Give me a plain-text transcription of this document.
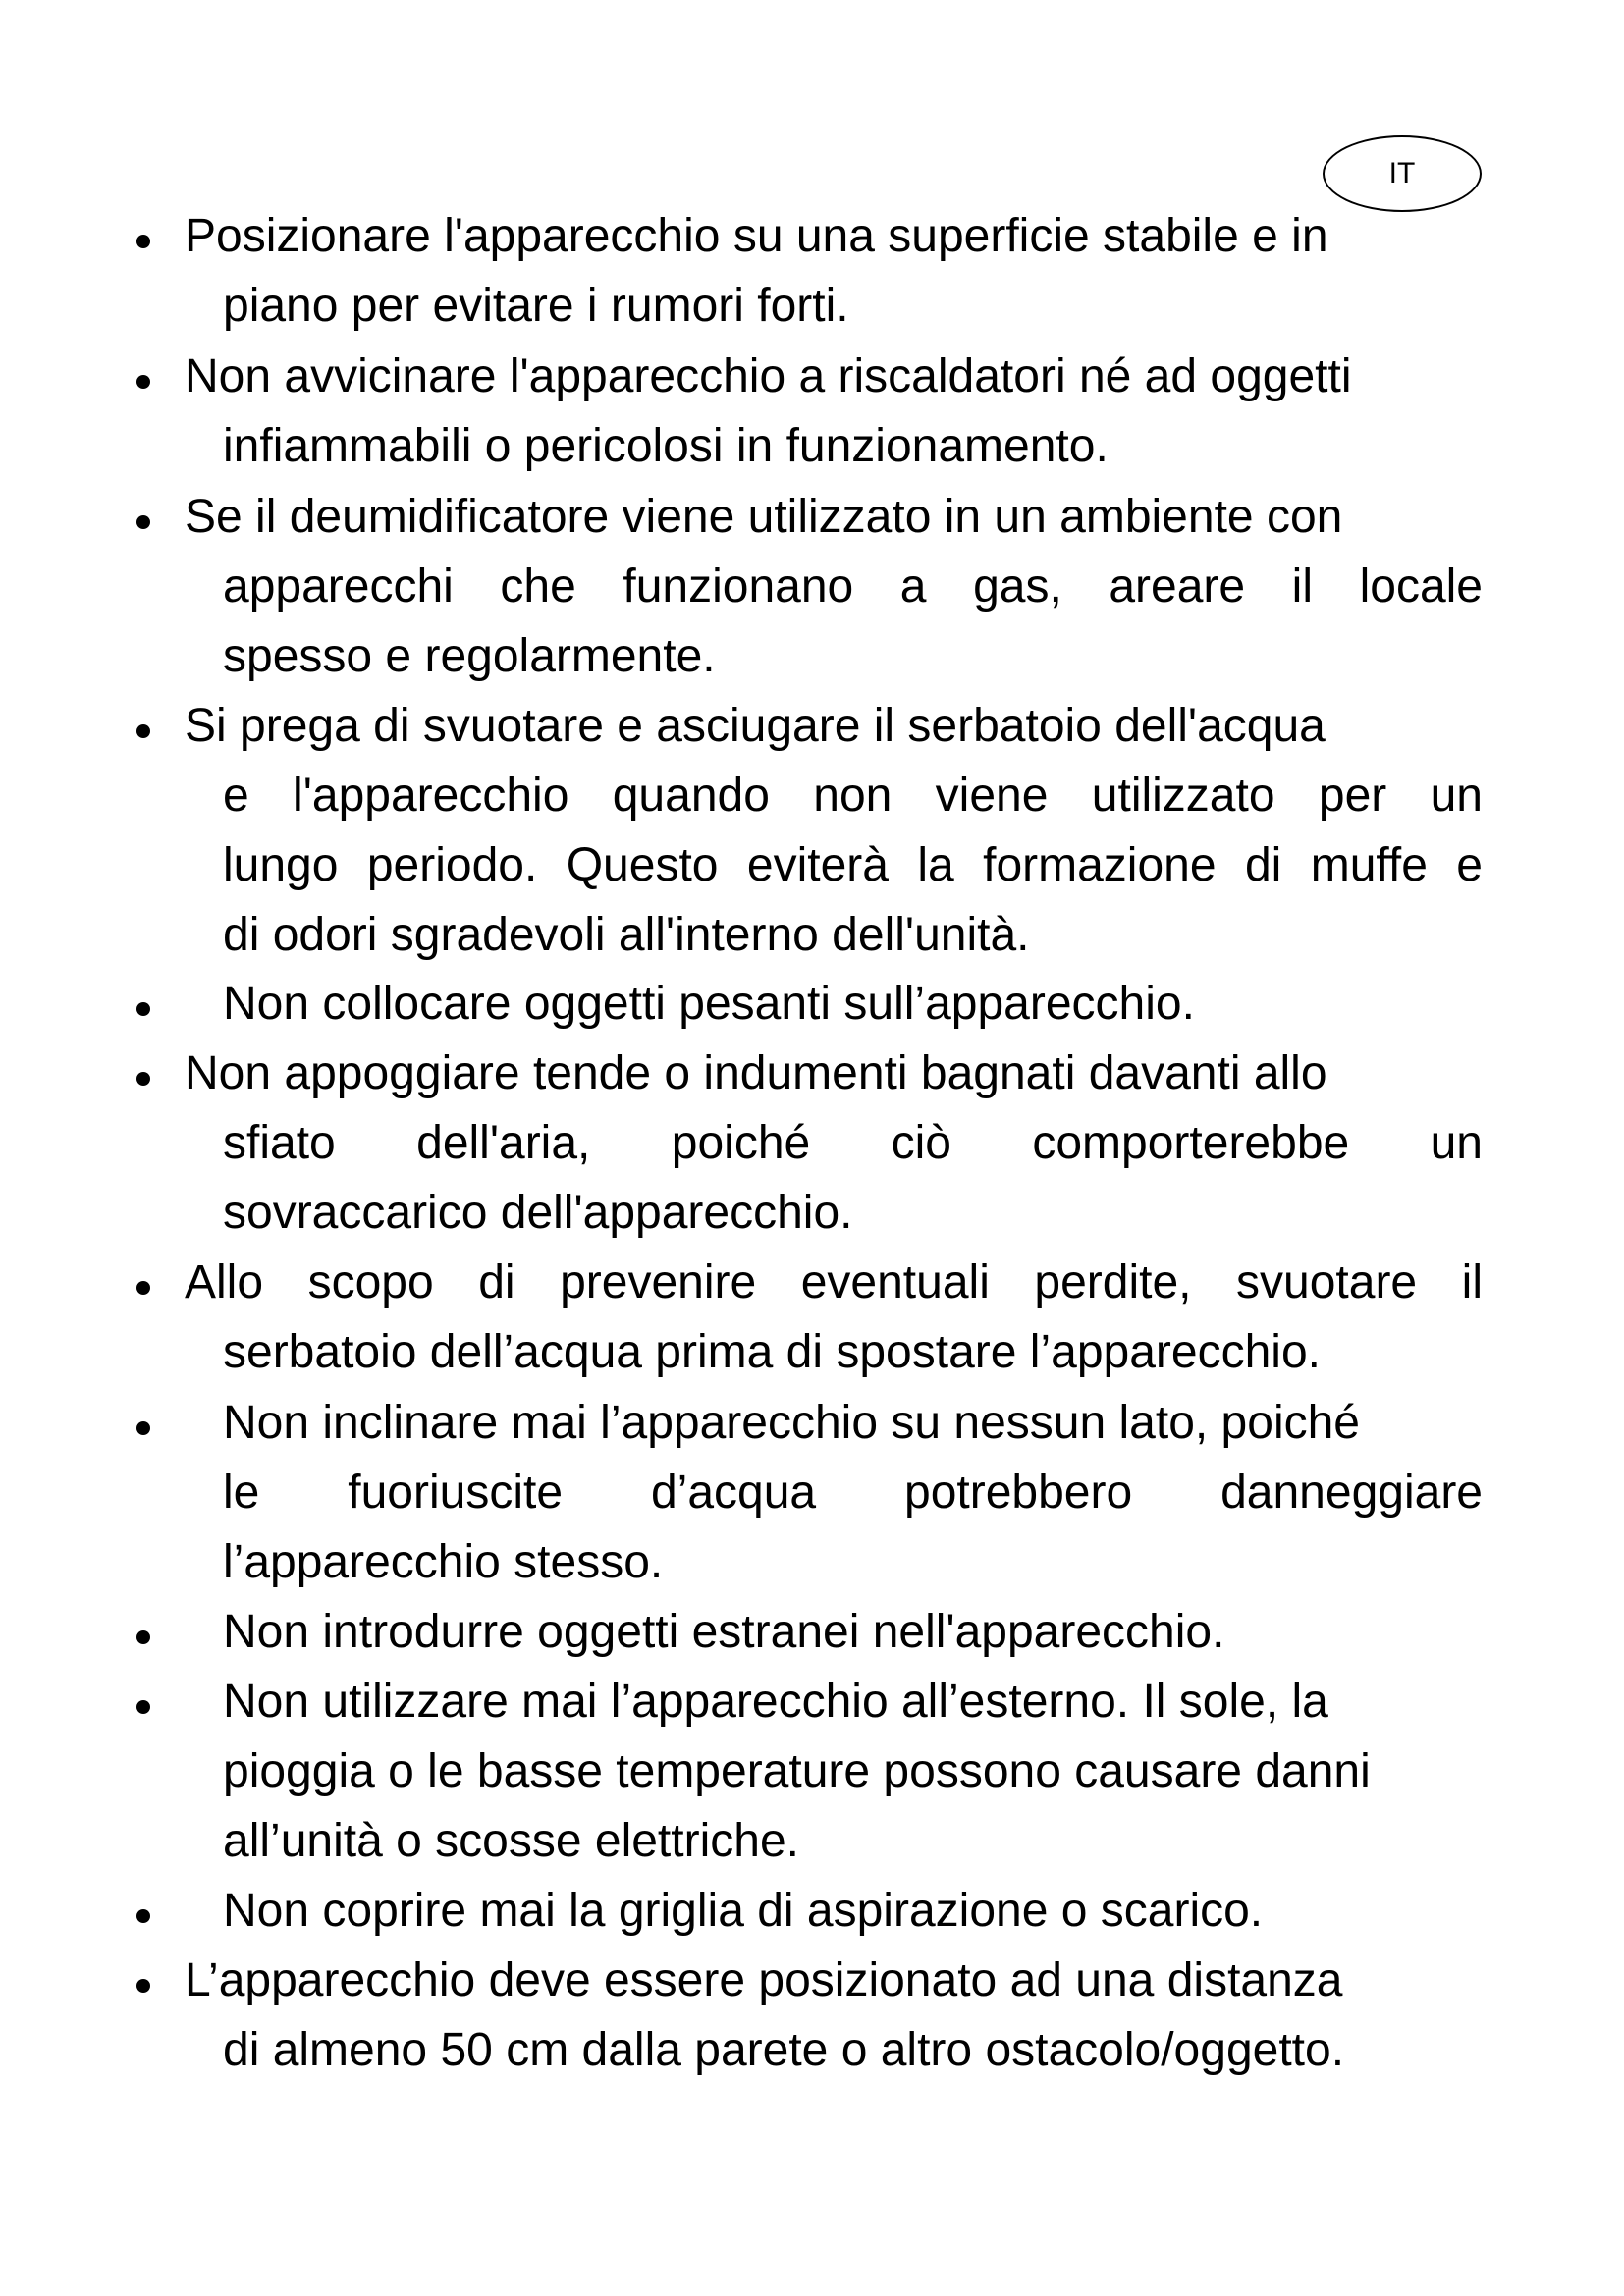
IT
Posizionare l'apparecchio su una superficie stabile e in
piano per evitare i rumori forti.
Non avvicinare l'apparecchio a riscaldatori né ad oggetti
infiammabili o pericolosi in funzionamento.
Se il deumidificatore viene utilizzato in un ambiente con
apparecchi che funzionano a gas, areare il locale
spesso e regolarmente.
Si prega di svuotare e asciugare il serbatoio dell'acqua
e l'apparecchio quando non viene utilizzato per un
lungo periodo. Questo eviterà la formazione di muffe e
di odori sgradevoli all'interno dell'unità.
Non collocare oggetti pesanti sull’apparecchio.
Non appoggiare tende o indumenti bagnati davanti allo
sfiato dell'aria, poiché ciò comporterebbe un
sovraccarico dell'apparecchio.
Allo scopo di prevenire eventuali perdite, svuotare il
serbatoio dell’acqua prima di spostare l’apparecchio.
Non inclinare mai l’apparecchio su nessun lato, poiché
le fuoriuscite d’acqua potrebbero danneggiare
l’apparecchio stesso.
Non introdurre oggetti estranei nell'apparecchio.
Non utilizzare mai l’apparecchio all’esterno. Il sole, la
pioggia o le basse temperature possono causare danni
all’unità o scosse elettriche.
Non coprire mai la griglia di aspirazione o scarico.
L’apparecchio deve essere posizionato ad una distanza
di almeno 50 cm dalla parete o altro ostacolo/oggetto.
